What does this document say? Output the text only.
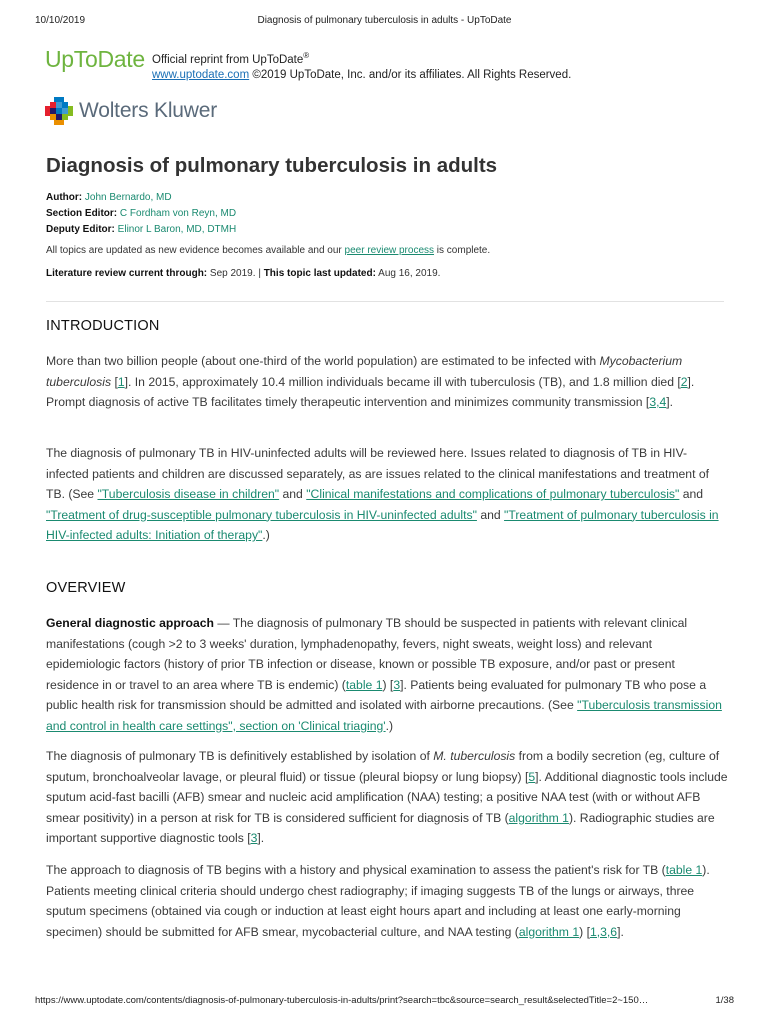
10/10/2019	Diagnosis of pulmonary tuberculosis in adults - UpToDate
UpToDate Official reprint from UpToDate®
www.uptodate.com ©2019 UpToDate, Inc. and/or its affiliates. All Rights Reserved.
Wolters Kluwer
Diagnosis of pulmonary tuberculosis in adults
Author: John Bernardo, MD
Section Editor: C Fordham von Reyn, MD
Deputy Editor: Elinor L Baron, MD, DTMH
All topics are updated as new evidence becomes available and our peer review process is complete.
Literature review current through: Sep 2019. | This topic last updated: Aug 16, 2019.
INTRODUCTION

More than two billion people (about one-third of the world population) are estimated to be infected with Mycobacterium tuberculosis [1]. In 2015, approximately 10.4 million individuals became ill with tuberculosis (TB), and 1.8 million died [2]. Prompt diagnosis of active TB facilitates timely therapeutic intervention and minimizes community transmission [3,4].

The diagnosis of pulmonary TB in HIV-uninfected adults will be reviewed here. Issues related to diagnosis of TB in HIV-infected patients and children are discussed separately, as are issues related to the clinical manifestations and treatment of TB. (See "Tuberculosis disease in children" and "Clinical manifestations and complications of pulmonary tuberculosis" and "Treatment of drug-susceptible pulmonary tuberculosis in HIV-uninfected adults" and "Treatment of pulmonary tuberculosis in HIV-infected adults: Initiation of therapy".)

OVERVIEW

General diagnostic approach — The diagnosis of pulmonary TB should be suspected in patients with relevant clinical manifestations (cough >2 to 3 weeks' duration, lymphadenopathy, fevers, night sweats, weight loss) and relevant epidemiologic factors (history of prior TB infection or disease, known or possible TB exposure, and/or past or present residence in or travel to an area where TB is endemic) (table 1) [3]. Patients being evaluated for pulmonary TB who pose a public health risk for transmission should be admitted and isolated with airborne precautions. (See "Tuberculosis transmission and control in health care settings", section on 'Clinical triaging'.)

The diagnosis of pulmonary TB is definitively established by isolation of M. tuberculosis from a bodily secretion (eg, culture of sputum, bronchoalveolar lavage, or pleural fluid) or tissue (pleural biopsy or lung biopsy) [5]. Additional diagnostic tools include sputum acid-fast bacilli (AFB) smear and nucleic acid amplification (NAA) testing; a positive NAA test (with or without AFB smear positivity) in a person at risk for TB is considered sufficient for diagnosis of TB (algorithm 1). Radiographic studies are important supportive diagnostic tools [3].

The approach to diagnosis of TB begins with a history and physical examination to assess the patient's risk for TB (table 1). Patients meeting clinical criteria should undergo chest radiography; if imaging suggests TB of the lungs or airways, three sputum specimens (obtained via cough or induction at least eight hours apart and including at least one early-morning specimen) should be submitted for AFB smear, mycobacterial culture, and NAA testing (algorithm 1) [1,3,6].

https://www.uptodate.com/contents/diagnosis-of-pulmonary-tuberculosis-in-adults/print?search=tbc&source=search_result&selectedTitle=2~150…	1/38
